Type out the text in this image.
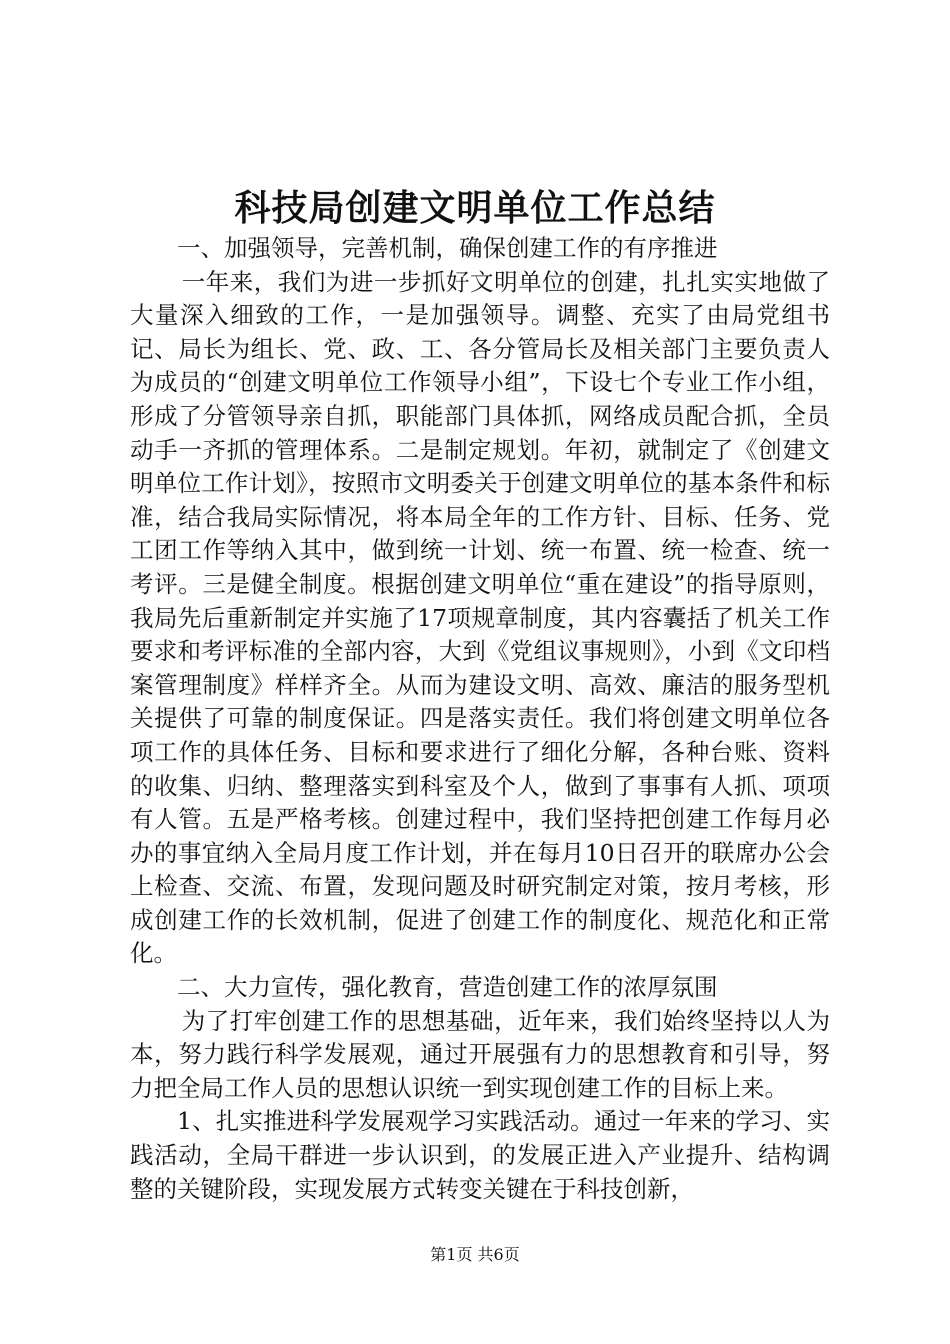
科技局创建文明单位工作总结

一、加强领导，完善机制，确保创建工作的有序推进

一年来，我们为进一步抓好文明单位的创建，扎扎实实地做了大量深入细致的工作，一是加强领导。调整、充实了由局党组书记、局长为组长、党、政、工、各分管局长及相关部门主要负责人为成员的“创建文明单位工作领导小组”，下设七个专业工作小组，形成了分管领导亲自抓，职能部门具体抓，网络成员配合抓，全员动手一齐抓的管理体系。二是制定规划。年初，就制定了《创建文明单位工作计划》，按照市文明委关于创建文明单位的基本条件和标准，结合我局实际情况，将本局全年的工作方针、目标、任务、党工团工作等纳入其中，做到统一计划、统一布置、统一检查、统一考评。三是健全制度。根据创建文明单位“重在建设”的指导原则，我局先后重新制定并实施了17项规章制度，其内容囊括了机关工作要求和考评标准的全部内容，大到《党组议事规则》，小到《文印档案管理制度》样样齐全。从而为建设文明、高效、廉洁的服务型机关提供了可靠的制度保证。四是落实责任。我们将创建文明单位各项工作的具体任务、目标和要求进行了细化分解，各种台账、资料的收集、归纳、整理落实到科室及个人，做到了事事有人抓、项项有人管。五是严格考核。创建过程中，我们坚持把创建工作每月必办的事宜纳入全局月度工作计划，并在每月10日召开的联席办公会上检查、交流、布置，发现问题及时研究制定对策，按月考核，形成创建工作的长效机制，促进了创建工作的制度化、规范化和正常化。

二、大力宣传，强化教育，营造创建工作的浓厚氛围

为了打牢创建工作的思想基础，近年来，我们始终坚持以人为本，努力践行科学发展观，通过开展强有力的思想教育和引导，努力把全局工作人员的思想认识统一到实现创建工作的目标上来。

1、扎实推进科学发展观学习实践活动。通过一年来的学习、实践活动，全局干群进一步认识到，的发展正进入产业提升、结构调整的关键阶段，实现发展方式转变关键在于科技创新，

第1页 共6页
